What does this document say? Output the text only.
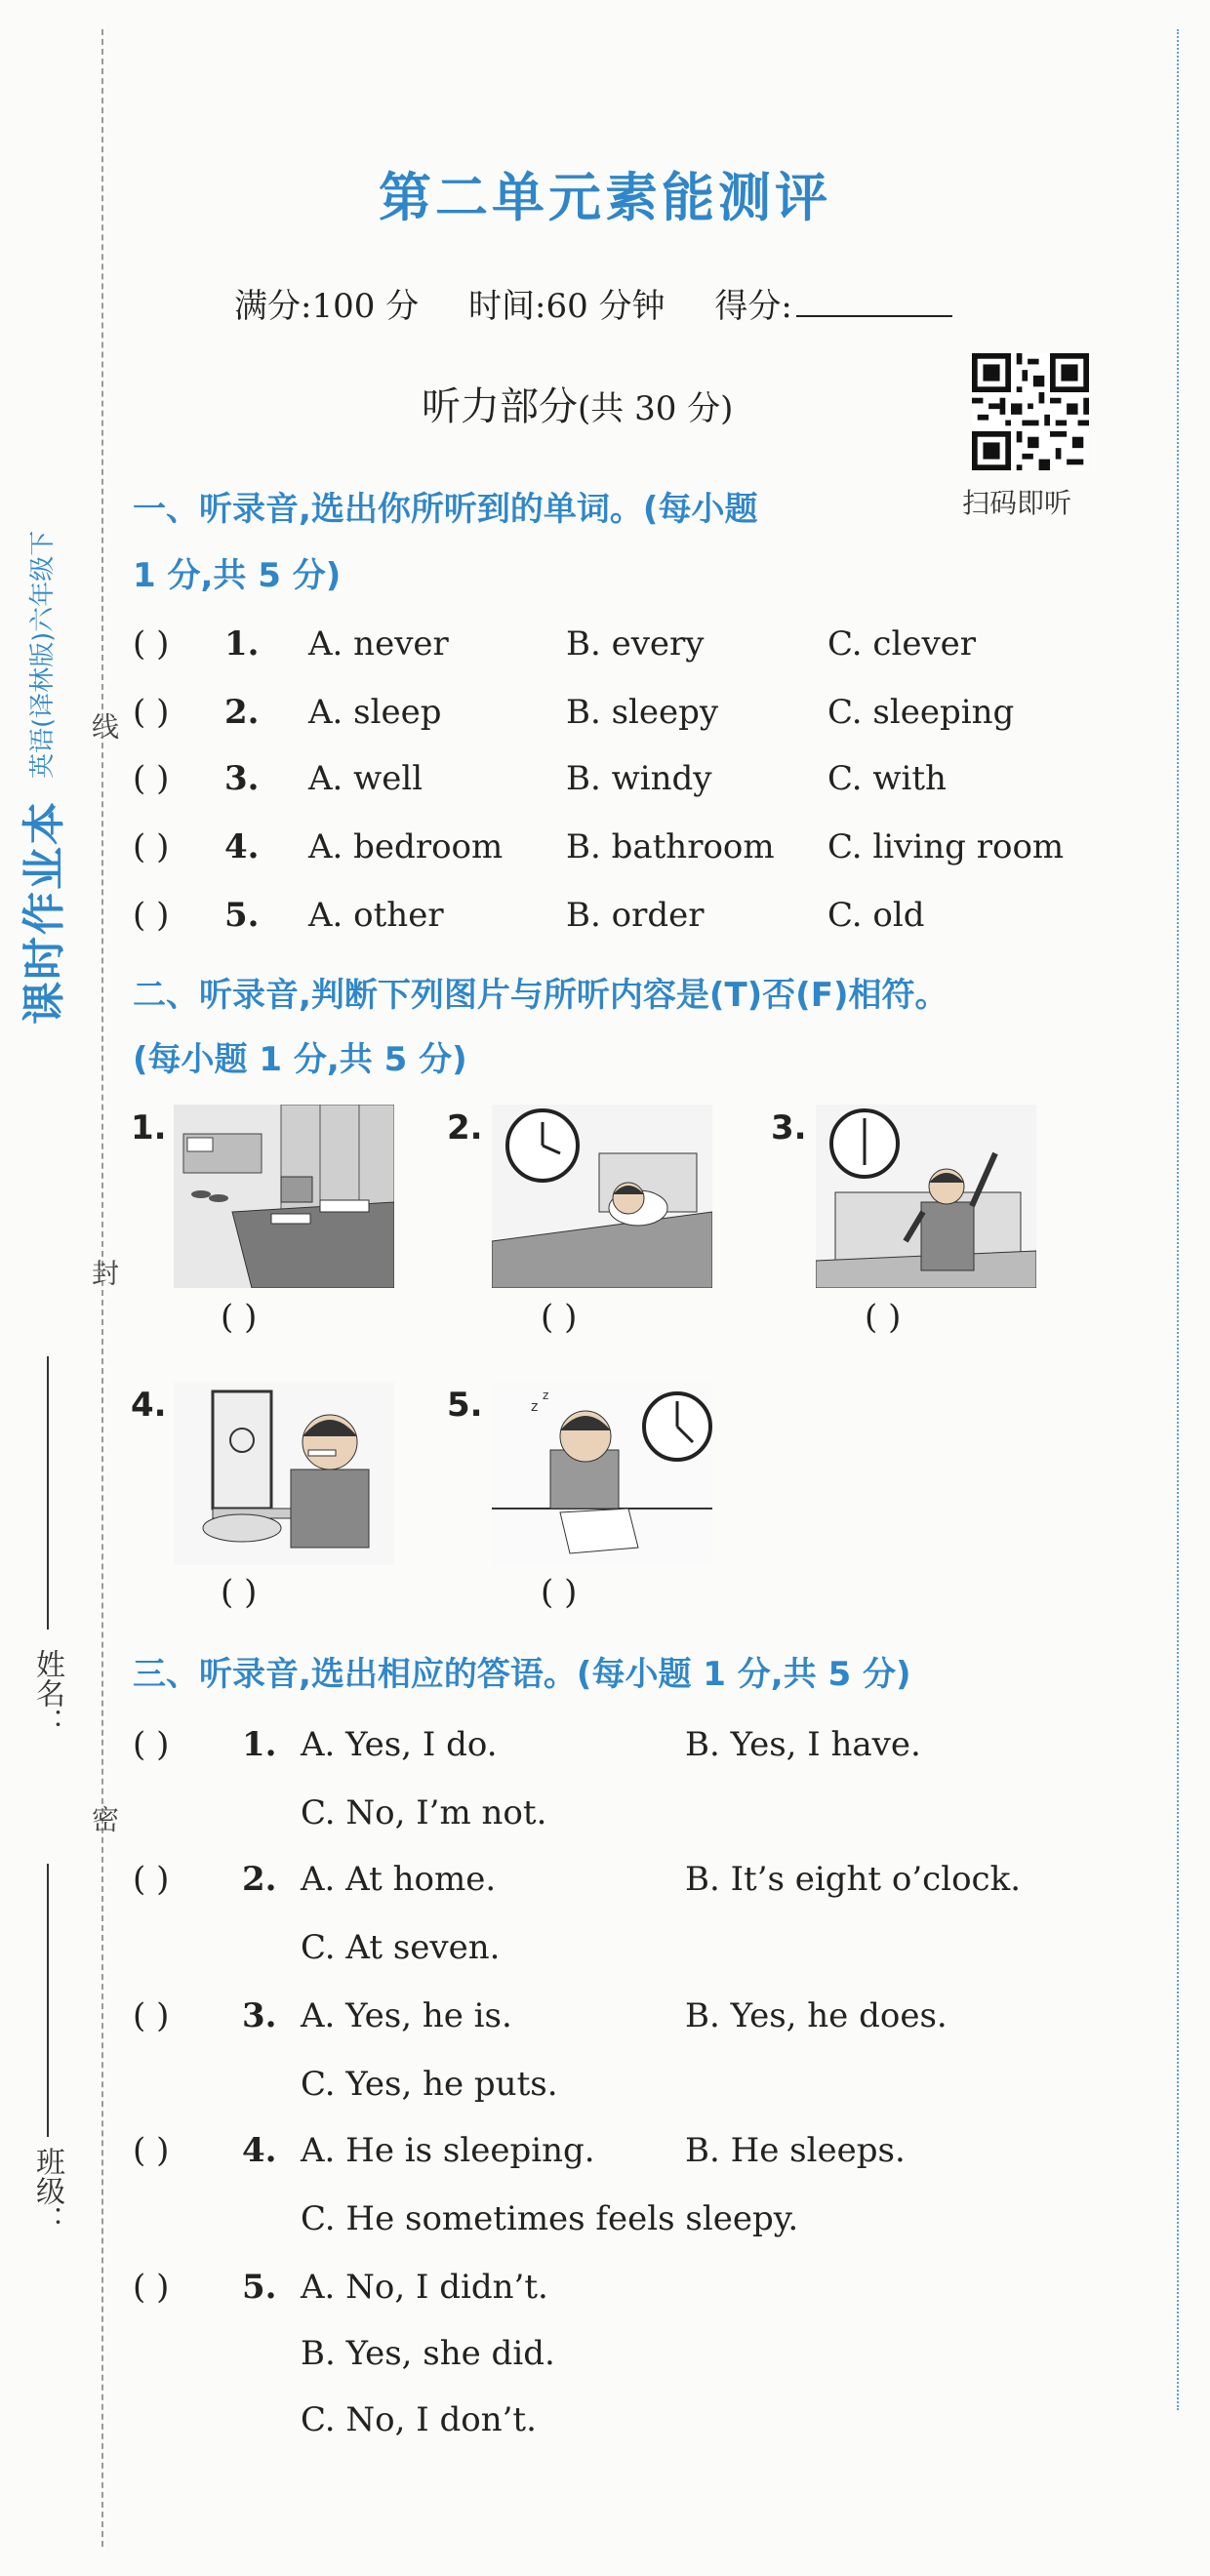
课时作业本
英语(译林版)六年级下 线
封
密
姓名：
班级：
第二单元素能测评
满分:100 分 时间:60 分钟 得分:
听力部分(共 30 分)
扫码即听
一、听录音,选出你所听到的单词。(每小题
1 分,共 5 分)
( ) 1. A. never	B. every	C. clever
( ) 2. A. sleep	B. sleepy	C. sleeping
( ) 3. A. well	B. windy	C. with
( ) 4. A. bedroom B. bathroom C. living room
( ) 5. A. other	B. order	C. old
二、听录音,判断下列图片与所听内容是(T)否(F)相符。
(每小题 1 分,共 5 分)
1.
( )
2.
( )
3.
( )
4.
( )
5.	z
z
( )
三、听录音,选出相应的答语。(每小题 1 分,共 5 分)
( ) 1. A. Yes, I do.	B. Yes, I have.
C. No, I’m not.
( ) 2. A. At home.	B. It’s eight o’clock.
C. At seven.
( ) 3. A. Yes, he is.	B. Yes, he does.
C. Yes, he puts.
( ) 4. A. He is sleeping.	B. He sleeps.
C. He sometimes feels sleepy.
( ) 5. A. No, I didn’t.
B. Yes, she did.
C. No, I don’t.
